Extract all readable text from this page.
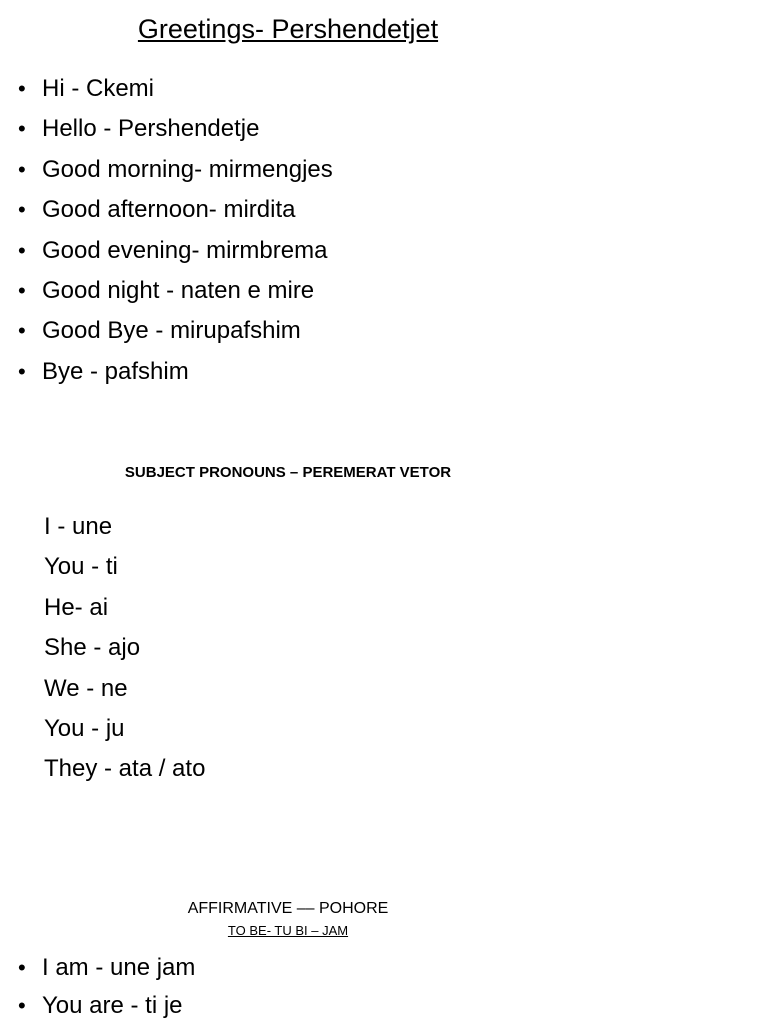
Greetings- Pershendetjet
• Hi - Ckemi
• Hello - Pershendetje
• Good morning- mirmengjes
• Good afternoon- mirdita
• Good evening- mirmbrema
• Good night - naten e mire
• Good Bye - mirupafshim
• Bye - pafshim
SUBJECT PRONOUNS – PEREMERAT VETOR
I - une
You - ti
He- ai
She - ajo
We - ne
You - ju
They - ata / ato
AFFIRMATIVE –– POHORE
TO BE- TU BI – JAM
• I am - une jam
• You are - ti je
